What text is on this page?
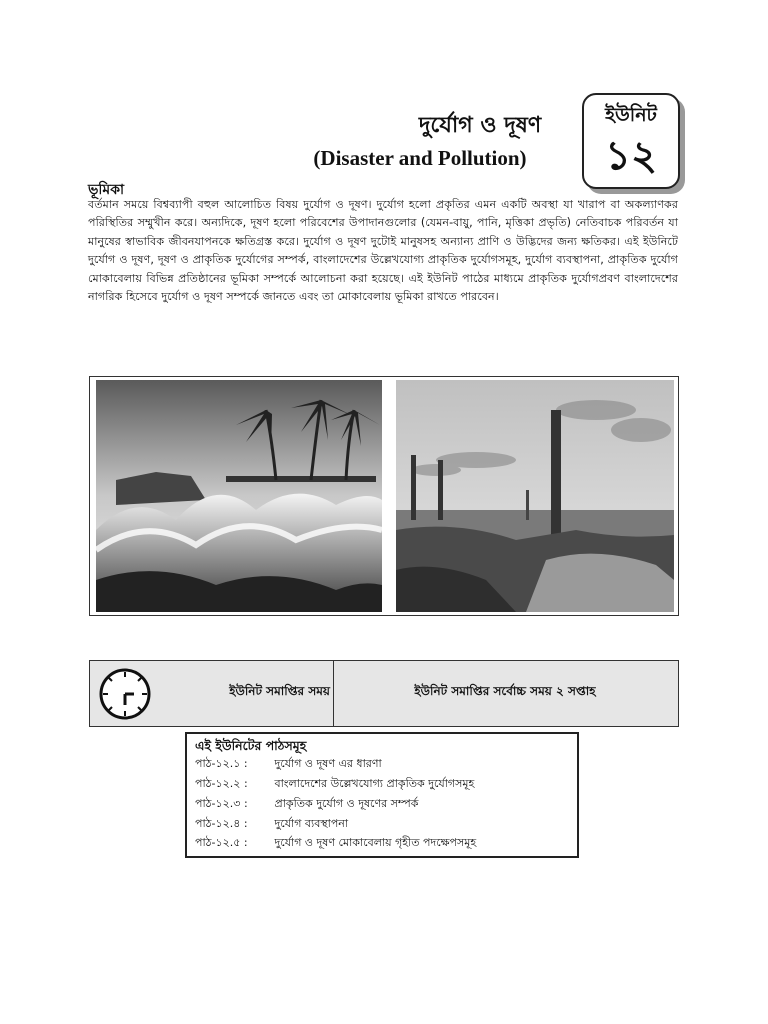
দুর্যোগ ও দূষণ
(Disaster and Pollution)
ইউনিট
১২
ভূমিকা
বর্তমান সময়ে বিশ্বব্যাপী বহুল আলোচিত বিষয় দুর্যোগ ও দূষণ। দুর্যোগ হলো প্রকৃতির এমন একটি অবস্থা যা খারাপ বা অকল্যাণকর পরিস্থিতির সম্মুখীন করে। অন্যদিকে, দূষণ হলো পরিবেশের উপাদানগুলোর (যেমন-বায়ু, পানি, মৃত্তিকা প্রভৃতি) নেতিবাচক পরিবর্তন যা মানুষের স্বাভাবিক জীবনযাপনকে ক্ষতিগ্রস্ত করে। দুর্যোগ ও দূষণ দুটোই মানুষসহ অন্যান্য প্রাণি ও উদ্ভিদের জন্য ক্ষতিকর। এই ইউনিটে দুর্যোগ ও দূষণ, দূষণ ও প্রাকৃতিক দুর্যোগের সম্পর্ক, বাংলাদেশের উল্লেখযোগ্য প্রাকৃতিক দুর্যোগসমূহ, দুর্যোগ ব্যবস্থাপনা, প্রাকৃতিক দুর্যোগ মোকাবেলায় বিভিন্ন প্রতিষ্ঠানের ভূমিকা সম্পর্কে আলোচনা করা হয়েছে। এই ইউনিট পাঠের মাধ্যমে প্রাকৃতিক দুর্যোগপ্রবণ বাংলাদেশের নাগরিক হিসেবে দুর্যোগ ও দূষণ সম্পর্কে জানতে এবং তা মোকাবেলায় ভূমিকা রাখতে পারবেন।
ইউনিট সমাপ্তির সময়	ইউনিট সমাপ্তির সর্বোচ্চ সময় ২ সপ্তাহ
এই ইউনিটের পাঠসমূহ
পাঠ-১২.১ : দুর্যোগ ও দূষণ এর ধারণা
পাঠ-১২.২ : বাংলাদেশের উল্লেখযোগ্য প্রাকৃতিক দুর্যোগসমূহ
পাঠ-১২.৩ : প্রাকৃতিক দুর্যোগ ও দূষণের সম্পর্ক
পাঠ-১২.৪ : দুর্যোগ ব্যবস্থাপনা
পাঠ-১২.৫ : দুর্যোগ ও দূষণ মোকাবেলায় গৃহীত পদক্ষেপসমূহ
